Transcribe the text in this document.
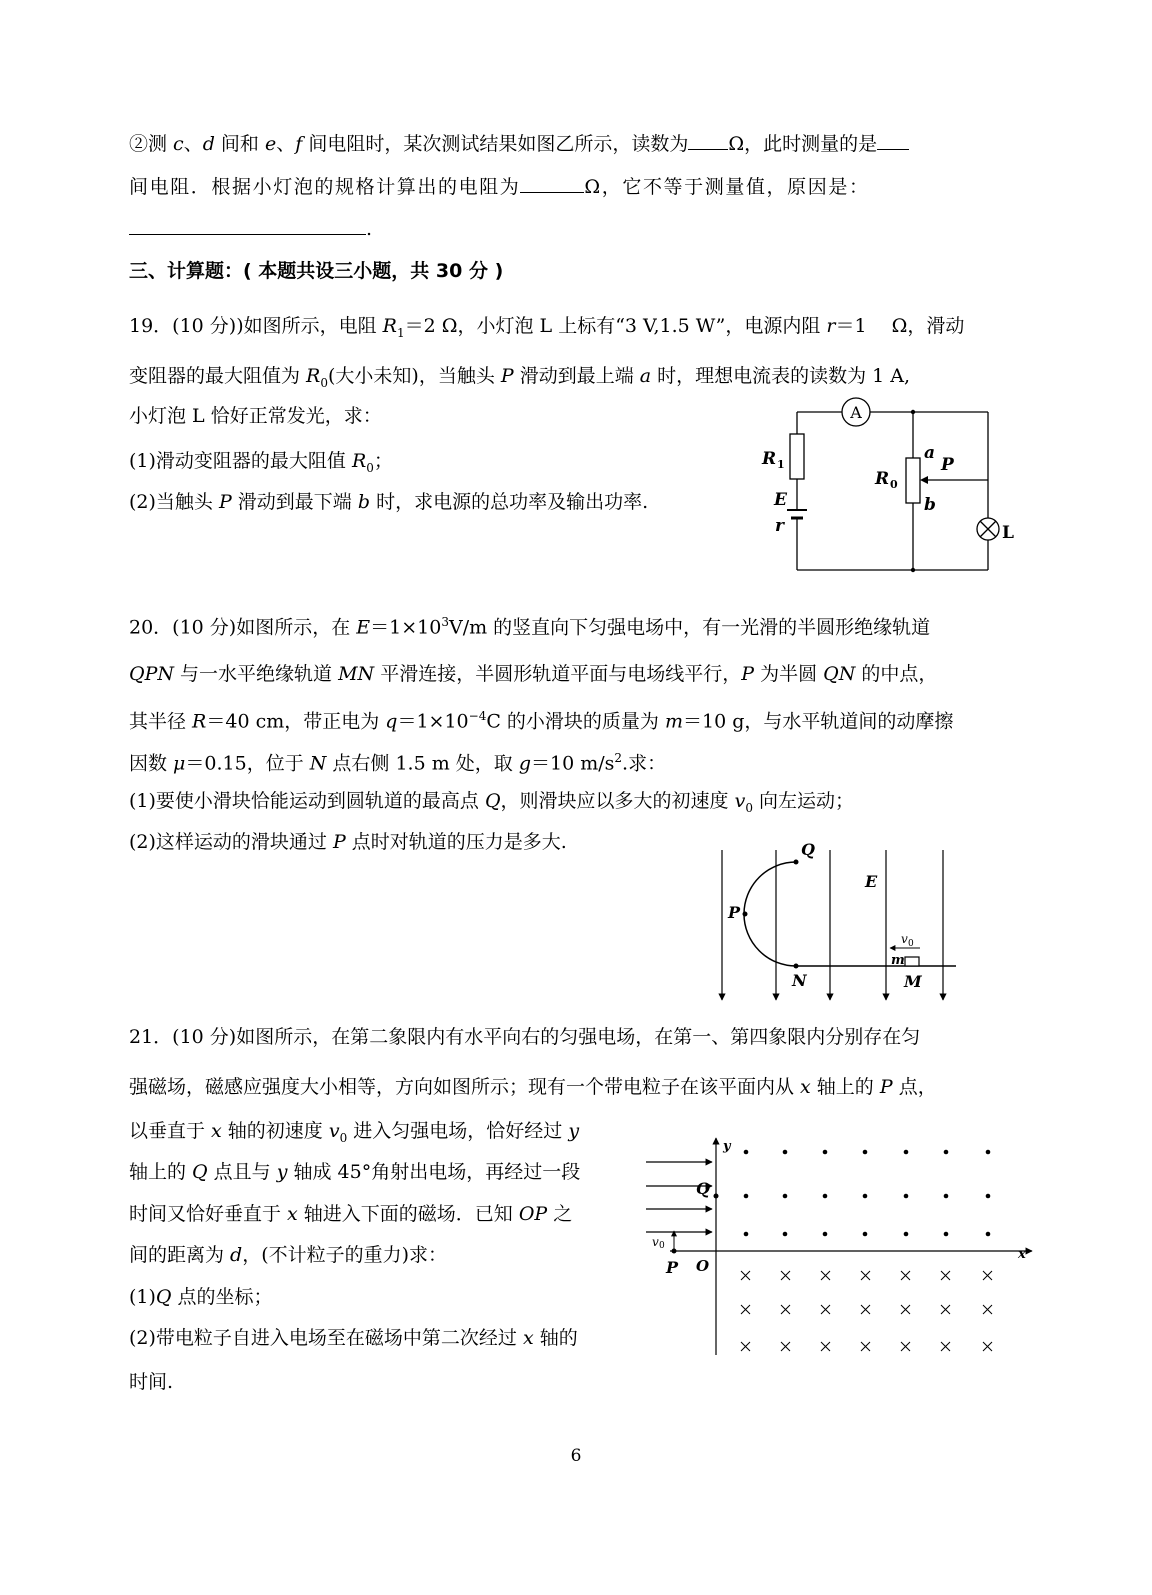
②测 c、d 间和 e、f 间电阻时，某次测试结果如图乙所示，读数为 Ω，此时测量的是
间电阻．根据小灯泡的规格计算出的电阻为	Ω，它不等于测量值，原因是：
.
三、计算题：( 本题共设三小题，共 30 分 )
19．(10 分))如图所示，电阻 $R_1=2$ Ω，小灯泡 L 上标有“3 V,1.5 W”，电源内阻 r＝1 　Ω，滑动
变阻器的最大阻值为 $R_0$(大小未知)，当触头 P 滑动到最上端 a 时，理想电流表的读数为 1 A,
小灯泡 L 恰好正常发光，求：
(1)滑动变阻器的最大阻值 $R_0$；
(2)当触头 P 滑动到最下端 b 时，求电源的总功率及输出功率.
A
R 1
E
r
R 0
a
P
b
L
20．(10 分)如图所示，在 $E=1\times 10^3V/m$ 的竖直向下匀强电场中，有一光滑的半圆形绝缘轨道
QPN 与一水平绝缘轨道 MN 平滑连接，半圆形轨道平面与电场线平行，P 为半圆 QN 的中点，
其半径 R＝40 cm，带正电为 $q=1\times 10^{-4}C$ 的小滑块的质量为 m＝10 g，与水平轨道间的动摩擦
因数 μ＝0.15，位于 N 点右侧 1.5 m 处，取 g＝10 $m/s^2$.求：
(1)要使小滑块恰能运动到圆轨道的最高点 Q，则滑块应以多大的初速度 $v_0$ 向左运动；
(2)这样运动的滑块通过 P 点时对轨道的压力是多大.	Q
P
N
E
v 0
m
M
21．(10 分)如图所示，在第二象限内有水平向右的匀强电场，在第一、第四象限内分别存在匀
强磁场，磁感应强度大小相等，方向如图所示；现有一个带电粒子在该平面内从 x 轴上的 P 点，
以垂直于 x 轴的初速度 $v_0$ 进入匀强电场，恰好经过 y
轴上的 Q 点且与 y 轴成 45°角射出电场，再经过一段
时间又恰好垂直于 x 轴进入下面的磁场．已知 OP 之
间的距离为 d，(不计粒子的重力)求：
(1)Q 点的坐标；
(2)带电粒子自进入电场至在磁场中第二次经过 x 轴的
时间.
y
x
Q
O
P
v 0
6
